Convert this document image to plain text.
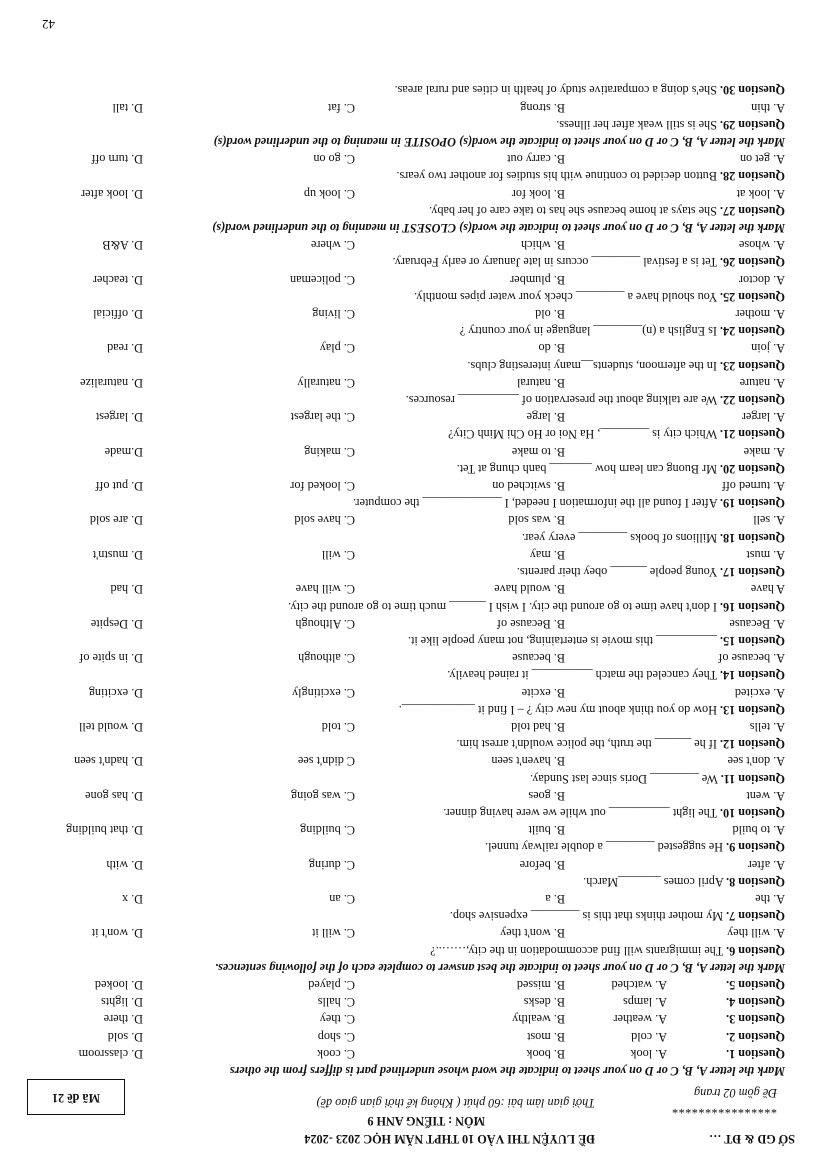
SỞ GD & ĐT …
ĐỀ LUYỆN THI VÀO 10 THPT NĂM HỌC 2023 -2024
MÔN : TIẾNG ANH 9
****************
Đề gồm 02 trang
Thời gian làm bài :60 phút ( Không kể thời gian giao đề)
Mã đề 21
Mark the letter A, B, C or D on your sheet to indicate the word whose underlined part is differs from the others
Question 1.
A. look
B. book
C. cook
D. classroom
Question 2.
A. cold
B. most
C. shop
D. sold
Question 3.
A. weather
B. wealthy
C. they
D. there
Question 4.
A. lamps
B. desks
C. halls
D. lights
Question 5.
A. watched
B. missed
C. played
D. looked
Mark the letter A, B, C or D on your sheet to indicate the best answer to complete each of the following sentences.
Question 6. The immigrants will find accommodation in the city,……..?
A. will they
B. won't they
C. will it
D. won't it
Question 7. My mother thinks that this is ________ expensive shop.
A. the
B. a
C. an
D. x
Question 8. April comes _______March.
A. after
B. before
C. during
D. with
Question 9. He suggested ________ a double railway tunnel.
A. to build
B. built
C. building
D. that building
Question 10. The light __________ out while we were having dinner.
A. went
B. goes
C. was going
D. has gone
Question 11. We ________ Doris since last Sunday.
A. don't see
B. haven't seen
C didn't see
D. hadn't seen
Question 12. If he ______ the truth, the police wouldn't arrest him.
A. tells
B. had told
C. told
D. would tell
Question 13. How do you think about my new city ? – I find it ____________.
A. excited
B. excite
C. excitingly
D. exciting
Question 14. They canceled the match __________ it rained heavily.
A. because of
B. because
C. although
D. in spite of
Question 15. __________ this movie is entertaining, not many people like it.
A. Because
B. Because of
C. Although
D. Despite
Question 16. I don't have time to go around the city. I wish I ______ much time to go around the city.
A have
B. would have
C. will have
D. had
Question 17. Young people ______ obey their parents.
A. must
B. may
C. will
D. mustn't
Question 18. Millions of books ________ every year.
A. sell
B. was sold
C. have sold
D. are sold
Question 19. After I found all the information I needed, I _____________ the computer.
A. turned off
B. switched on
C. looked for
D. put off
Question 20. Mr Buong can learn how _______ banh chung at Tet.
A. make
B. to make
C. making
D.made
Question 21. Which city is ________, Ha Noi or Ho Chi Minh City?
A. larger
B. large
C. the largest
D. largest
Question 22. We are talking about the preservation of __________ resources.
A. nature
B. natural
C. naturally
D. naturalize
Question 23. In the afternoon, students__many interesting clubs.
A. join
B. do
C. play
D. read
Question 24. Is English a (n)________ language in your country ?
A. mother
B. old
C. living
D. official
Question 25. You should have a ________ check your water pipes monthly.
A. doctor
B. plumber
C. policeman
D. teacher
Question 26. Tet is a festival ________ occurs in late January or early February.
A. whose
B. which
C. where
D. A&B
Mark the letter A, B, C or D on your sheet to indicate the word(s) CLOSEST in meaning to the underlined word(s)
Question 27. She stays at home because she has to take care of her baby.
A. look at
B. look for
C. look up
D. look after
Question 28. Button decided to continue with his studies for another two years.
A. get on
B. carry out
C. go on
D. turn off
Mark the letter A, B, C or D on your sheet to indicate the word(s) OPOSITE in meaning to the underlined word(s)
Question 29. She is still weak after her illness.
A. thin
B. strong
C. fat
D. tall
Question 30. She's doing a comparative study of health in cities and rural areas.
42
